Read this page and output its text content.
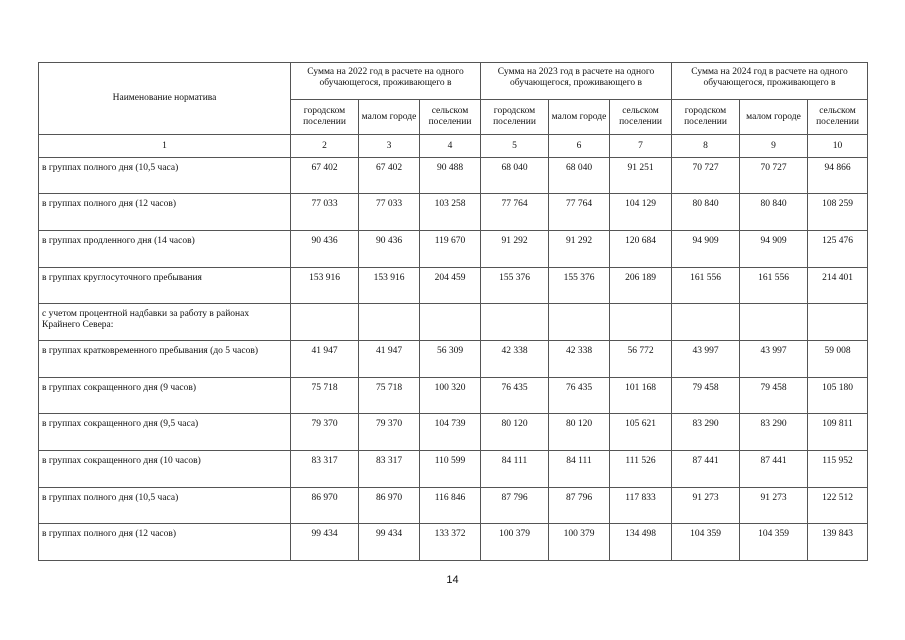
Наименование норматива	Сумма на 2022 год в расчете на одного обучающегося, проживающего в			Сумма на 2023 год в расчете на одного обучающегося, проживающего в			Сумма на 2024 год в расчете на одного обучающегося, проживающего в		
	городском поселении	малом городе	сельском поселении	городском поселении	малом городе	сельском поселении	городском поселении	малом городе	сельском поселении
1	2	3	4	5	6	7	8	9	10
в группах полного дня (10,5 часа)	67 402	67 402	90 488	68 040	68 040	91 251	70 727	70 727	94 866
в группах полного дня (12 часов)	77 033	77 033	103 258	77 764	77 764	104 129	80 840	80 840	108 259
в группах продленного дня (14 часов)	90 436	90 436	119 670	91 292	91 292	120 684	94 909	94 909	125 476
в группах круглосуточного пребывания	153 916	153 916	204 459	155 376	155 376	206 189	161 556	161 556	214 401
с учетом процентной надбавки за работу в районах Крайнего Севера:									
в группах кратковременного пребывания (до 5 часов)	41 947	41 947	56 309	42 338	42 338	56 772	43 997	43 997	59 008
в группах сокращенного дня (9 часов)	75 718	75 718	100 320	76 435	76 435	101 168	79 458	79 458	105 180
в группах сокращенного дня (9,5 часа)	79 370	79 370	104 739	80 120	80 120	105 621	83 290	83 290	109 811
в группах сокращенного дня (10 часов)	83 317	83 317	110 599	84 111	84 111	111 526	87 441	87 441	115 952
в группах полного дня (10,5 часа)	86 970	86 970	116 846	87 796	87 796	117 833	91 273	91 273	122 512
в группах полного дня (12 часов)	99 434	99 434	133 372	100 379	100 379	134 498	104 359	104 359	139 843
14
